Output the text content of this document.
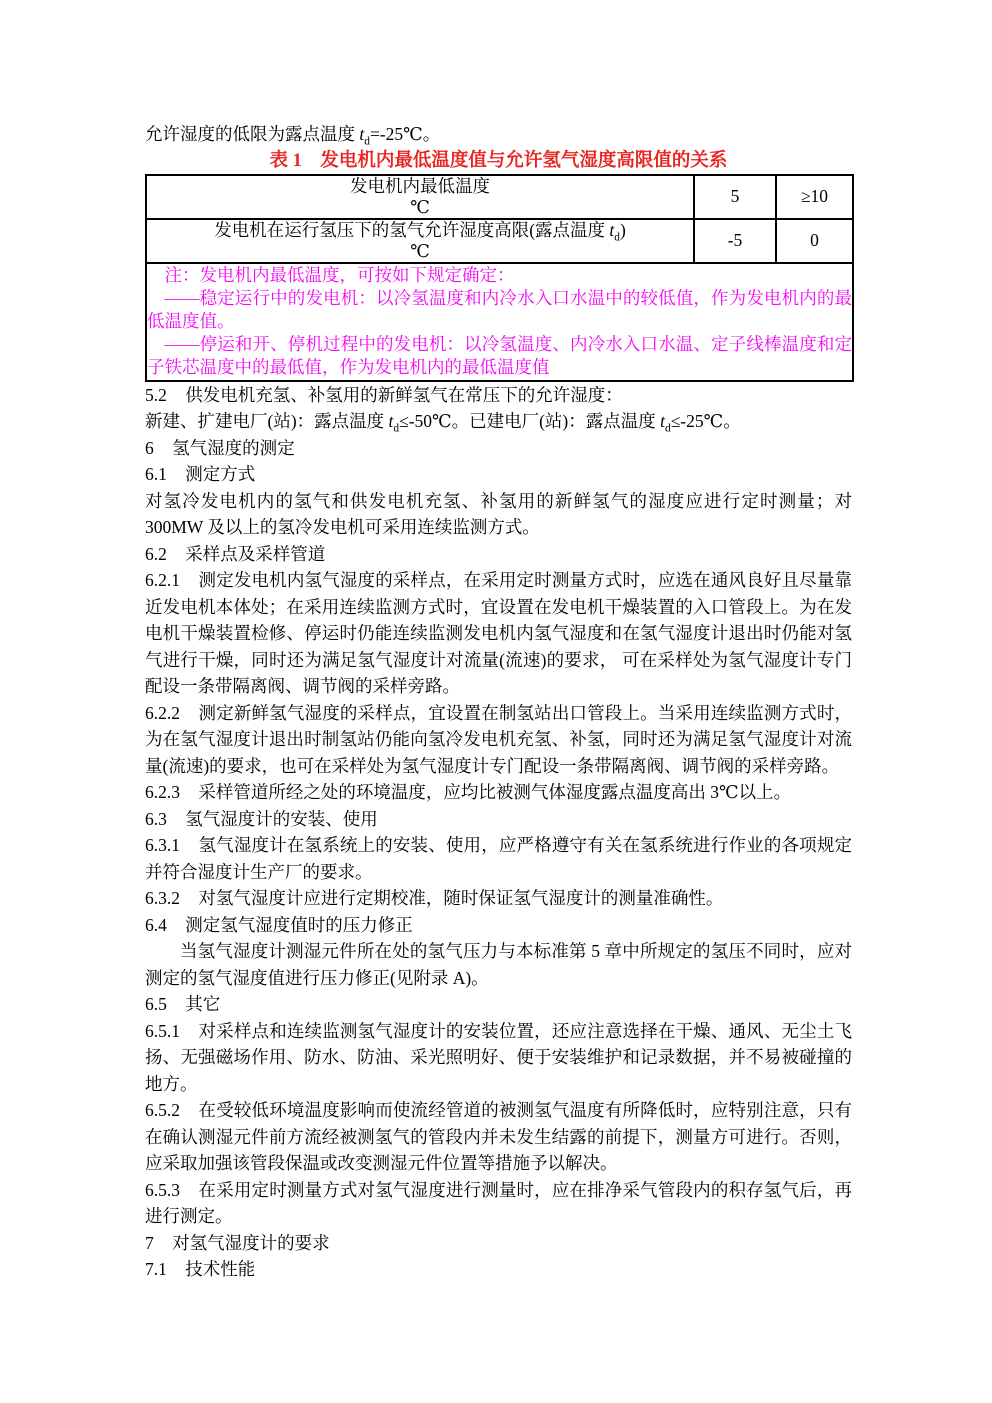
允许湿度的低限为露点温度 $t_d=-25℃$。

表 1　发电机内最低温度值与允许氢气湿度高限值的关系

发电机内最低温度
℃	5	≥10

发电机在运行氢压下的氢气允许湿度高限(露点温度 $t_d$)
℃	-5	0

注：发电机内最低温度，可按如下规定确定：

——稳定运行中的发电机：以冷氢温度和内冷水入口水温中的较低值，作为发电机内的最低温度值。

——停运和开、停机过程中的发电机：以冷氢温度、内冷水入口水温、定子线棒温度和定子铁芯温度中的最低值，作为发电机内的最低温度值		

5.2 供发电机充氢、补氢用的新鲜氢气在常压下的允许湿度：

新建、扩建电厂(站)：露点温度 $t_d\le-50℃$。已建电厂(站)：露点温度 $t_d\le-25℃$。

6 氢气湿度的测定

6.1 测定方式

对氢冷发电机内的氢气和供发电机充氢、补氢用的新鲜氢气的湿度应进行定时测量；对300MW 及以上的氢冷发电机可采用连续监测方式。

6.2 采样点及采样管道

6.2.1 测定发电机内氢气湿度的采样点，在采用定时测量方式时，应选在通风良好且尽量靠近发电机本体处；在采用连续监测方式时，宜设置在发电机干燥装置的入口管段上。为在发电机干燥装置检修、停运时仍能连续监测发电机内氢气湿度和在氢气湿度计退出时仍能对氢气进行干燥，同时还为满足氢气湿度计对流量(流速)的要求， 可在采样处为氢气湿度计专门配设一条带隔离阀、调节阀的采样旁路。

6.2.2 测定新鲜氢气湿度的采样点，宜设置在制氢站出口管段上。当采用连续监测方式时，为在氢气湿度计退出时制氢站仍能向氢冷发电机充氢、补氢，同时还为满足氢气湿度计对流量(流速)的要求，也可在采样处为氢气湿度计专门配设一条带隔离阀、调节阀的采样旁路。

6.2.3 采样管道所经之处的环境温度，应均比被测气体湿度露点温度高出 3℃以上。

6.3 氢气湿度计的安装、使用

6.3.1 氢气湿度计在氢系统上的安装、使用，应严格遵守有关在氢系统进行作业的各项规定并符合湿度计生产厂的要求。

6.3.2 对氢气湿度计应进行定期校准，随时保证氢气湿度计的测量准确性。

6.4 测定氢气湿度值时的压力修正

当氢气湿度计测湿元件所在处的氢气压力与本标准第 5 章中所规定的氢压不同时，应对测定的氢气湿度值进行压力修正(见附录 A)。

6.5 其它

6.5.1 对采样点和连续监测氢气湿度计的安装位置，还应注意选择在干燥、通风、无尘土飞扬、无强磁场作用、防水、防油、采光照明好、便于安装维护和记录数据，并不易被碰撞的地方。

6.5.2 在受较低环境温度影响而使流经管道的被测氢气温度有所降低时，应特别注意，只有在确认测湿元件前方流经被测氢气的管段内并未发生结露的前提下，测量方可进行。否则，应采取加强该管段保温或改变测湿元件位置等措施予以解决。

6.5.3 在采用定时测量方式对氢气湿度进行测量时，应在排净采气管段内的积存氢气后，再进行测定。

7 对氢气湿度计的要求

7.1 技术性能
